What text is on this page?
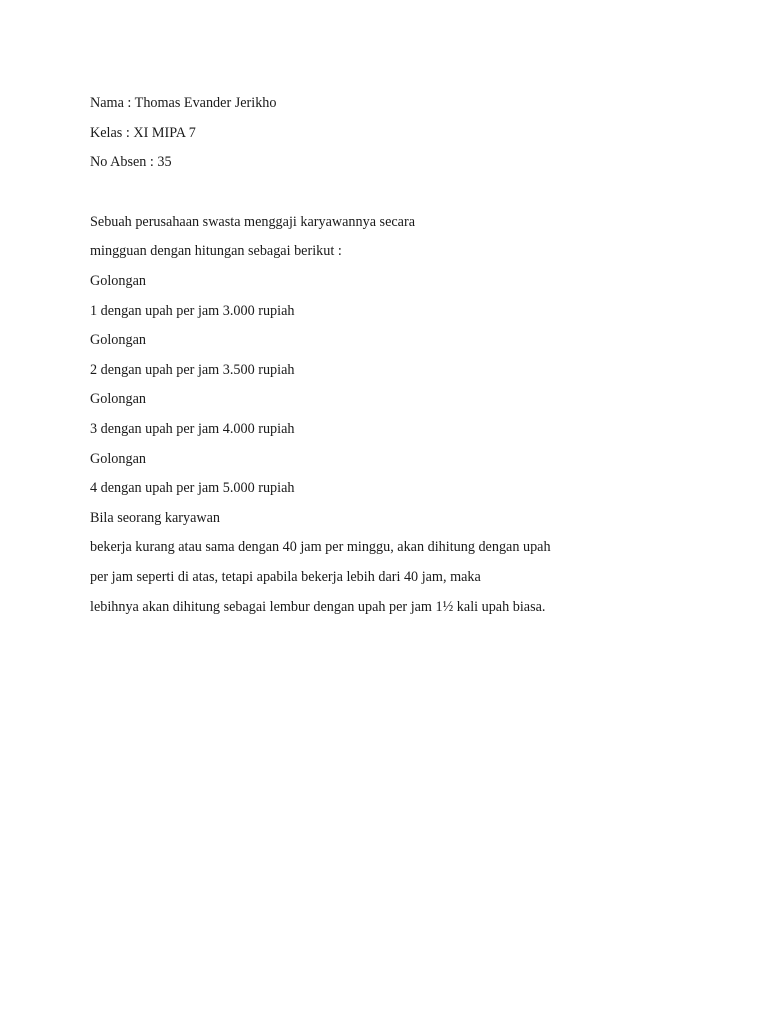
Nama : Thomas Evander Jerikho
Kelas : XI MIPA 7
No Absen : 35
Sebuah perusahaan swasta menggaji karyawannya secara
mingguan dengan hitungan sebagai berikut :
Golongan
1 dengan upah per jam 3.000 rupiah
Golongan
2 dengan upah per jam 3.500 rupiah
Golongan
3 dengan upah per jam 4.000 rupiah
Golongan
4 dengan upah per jam 5.000 rupiah
Bila seorang karyawan
bekerja kurang atau sama dengan 40 jam per minggu, akan dihitung dengan upah
per jam seperti di atas, tetapi apabila bekerja lebih dari 40 jam, maka
lebihnya akan dihitung sebagai lembur dengan upah per jam 1½ kali upah biasa.
